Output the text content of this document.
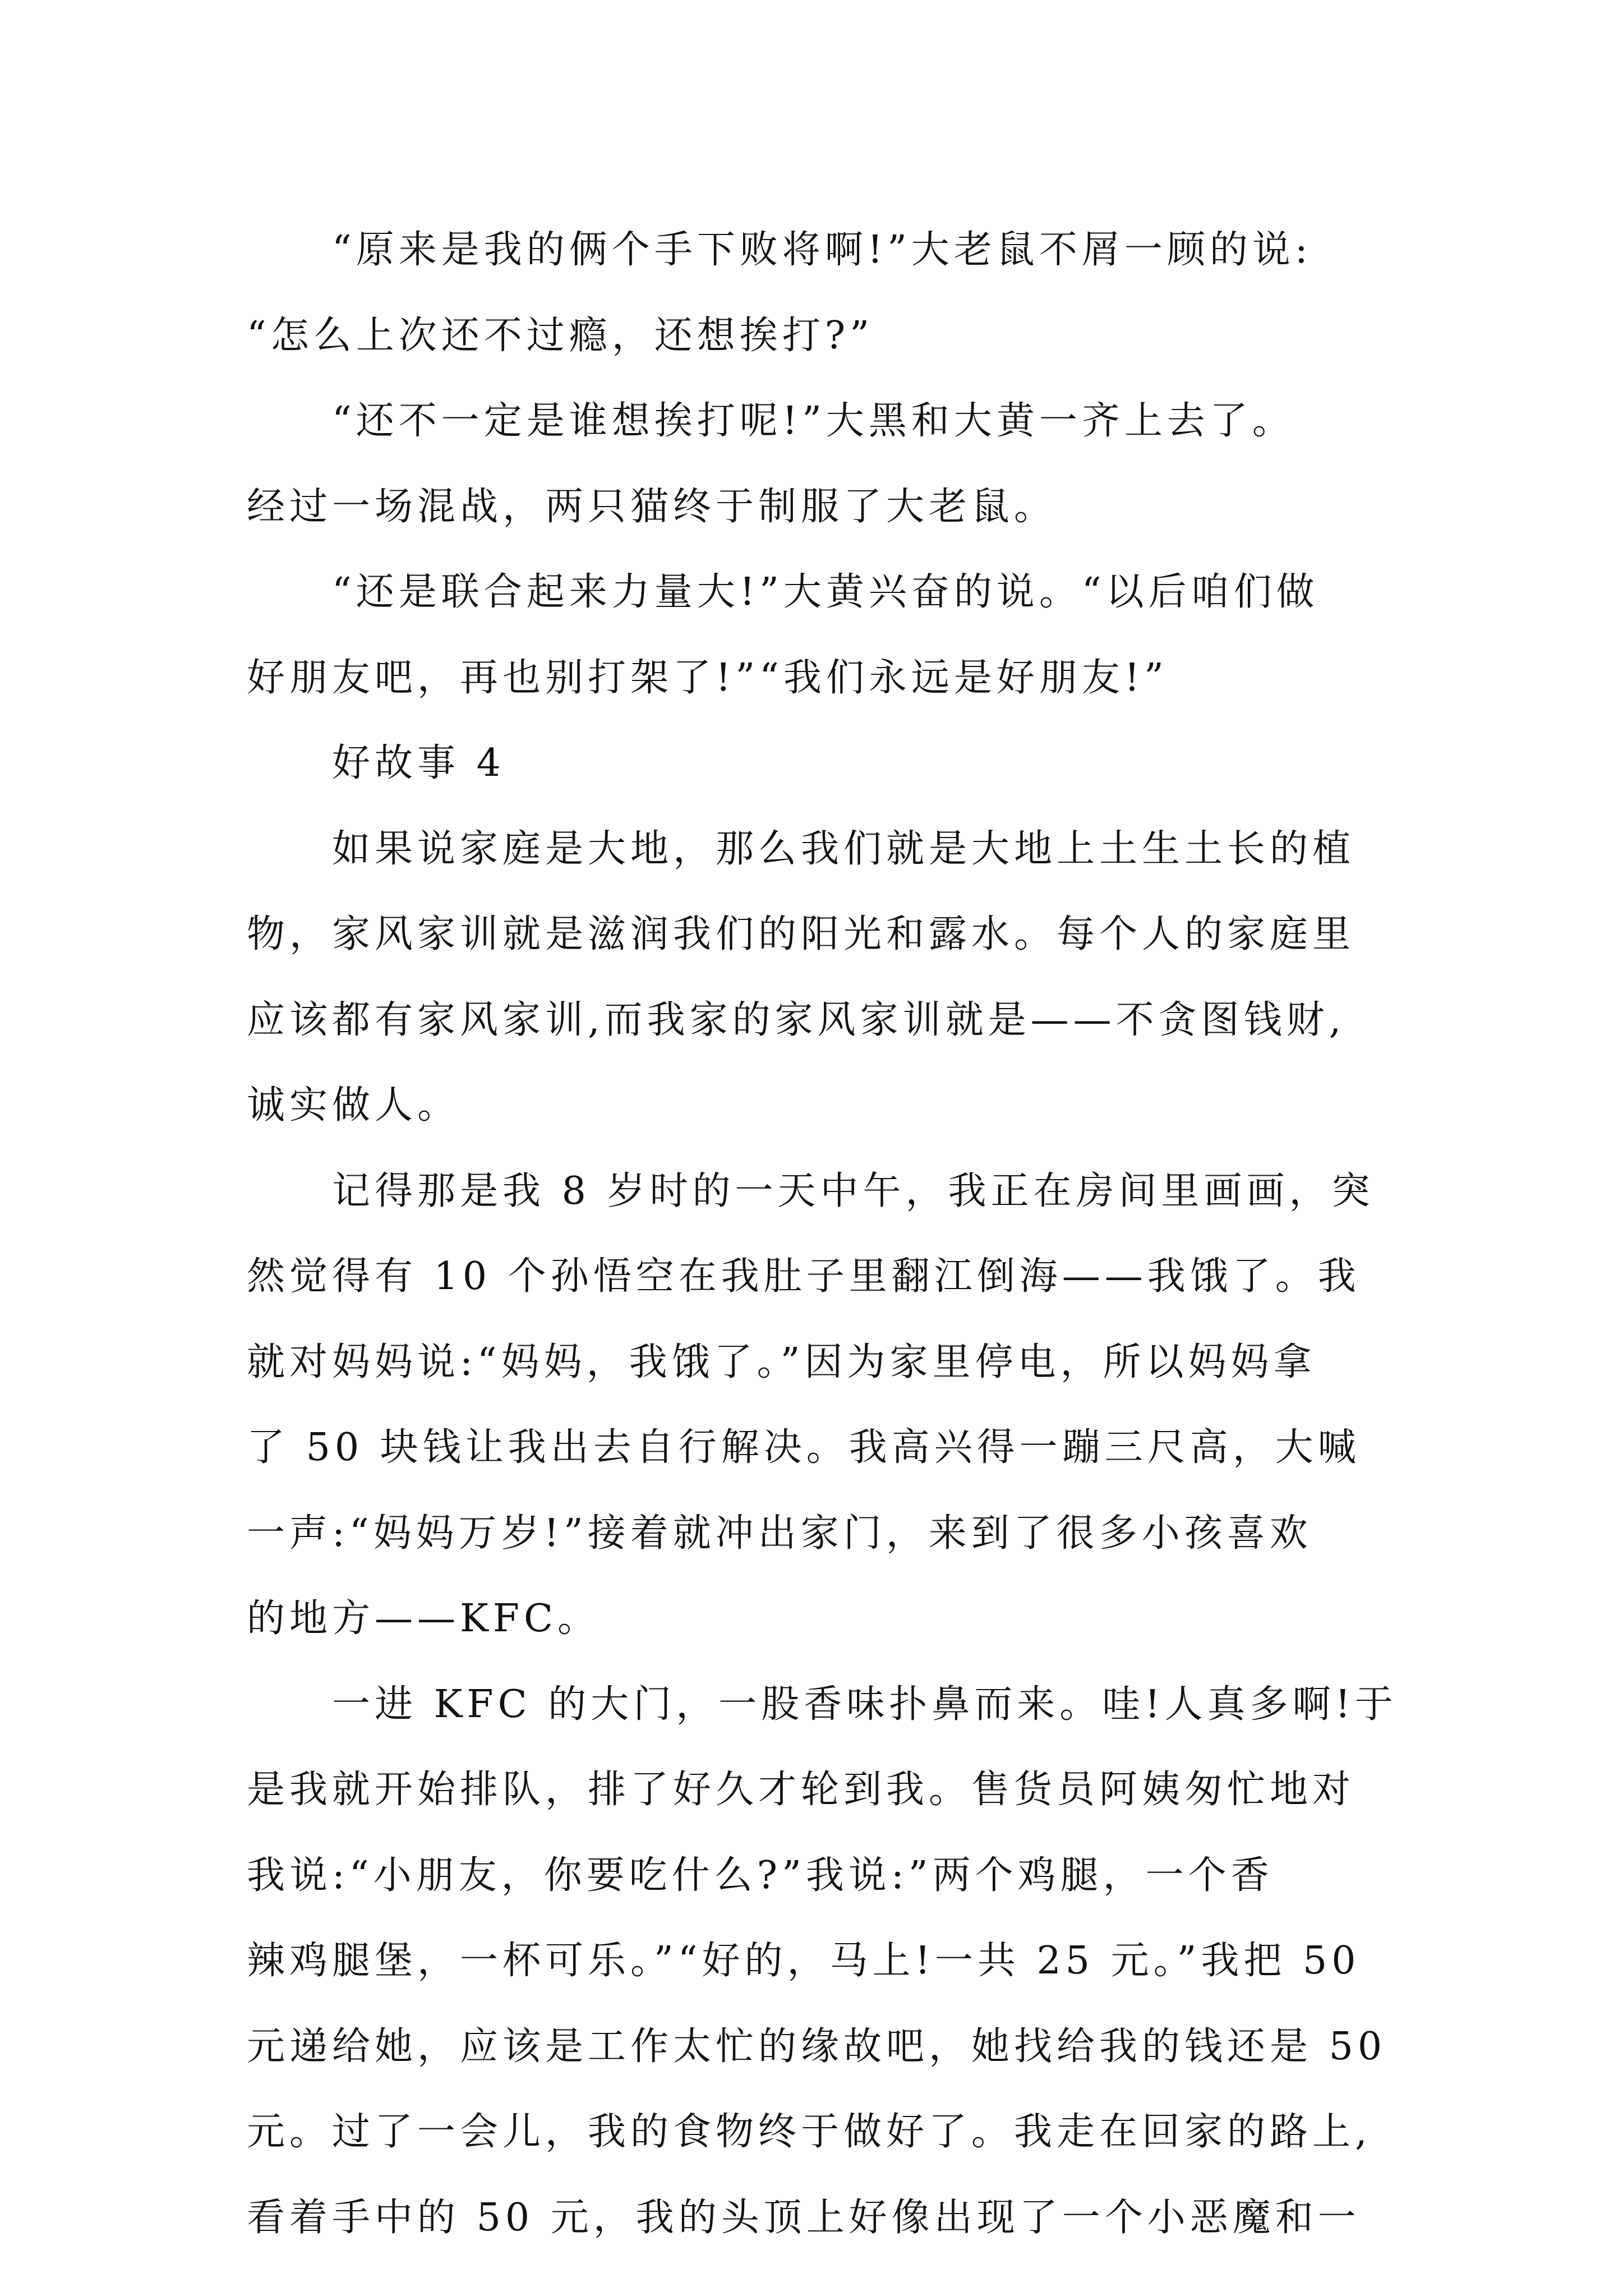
“原来是我的俩个手下败将啊!”大老鼠不屑一顾的说:
“怎么上次还不过瘾，还想挨打?”
“还不一定是谁想挨打呢!”大黑和大黄一齐上去了。
经过一场混战，两只猫终于制服了大老鼠。
“还是联合起来力量大!”大黄兴奋的说。“以后咱们做
好朋友吧，再也别打架了!”“我们永远是好朋友!”
好故事 4
如果说家庭是大地，那么我们就是大地上土生土长的植
物，家风家训就是滋润我们的阳光和露水。每个人的家庭里
应该都有家风家训,而我家的家风家训就是——不贪图钱财,
诚实做人。
记得那是我 8 岁时的一天中午，我正在房间里画画，突
然觉得有 10 个孙悟空在我肚子里翻江倒海——我饿了。我
就对妈妈说:“妈妈，我饿了。”因为家里停电，所以妈妈拿
了 50 块钱让我出去自行解决。我高兴得一蹦三尺高，大喊
一声:“妈妈万岁!”接着就冲出家门，来到了很多小孩喜欢
的地方——KFC。
一进 KFC 的大门，一股香味扑鼻而来。哇!人真多啊!于
是我就开始排队，排了好久才轮到我。售货员阿姨匆忙地对
我说:“小朋友，你要吃什么?”我说:”两个鸡腿，一个香
辣鸡腿堡，一杯可乐。”“好的，马上!一共 25 元。”我把 50
元递给她，应该是工作太忙的缘故吧，她找给我的钱还是 50
元。过了一会儿，我的食物终于做好了。我走在回家的路上,
看着手中的 50 元，我的头顶上好像出现了一个小恶魔和一
